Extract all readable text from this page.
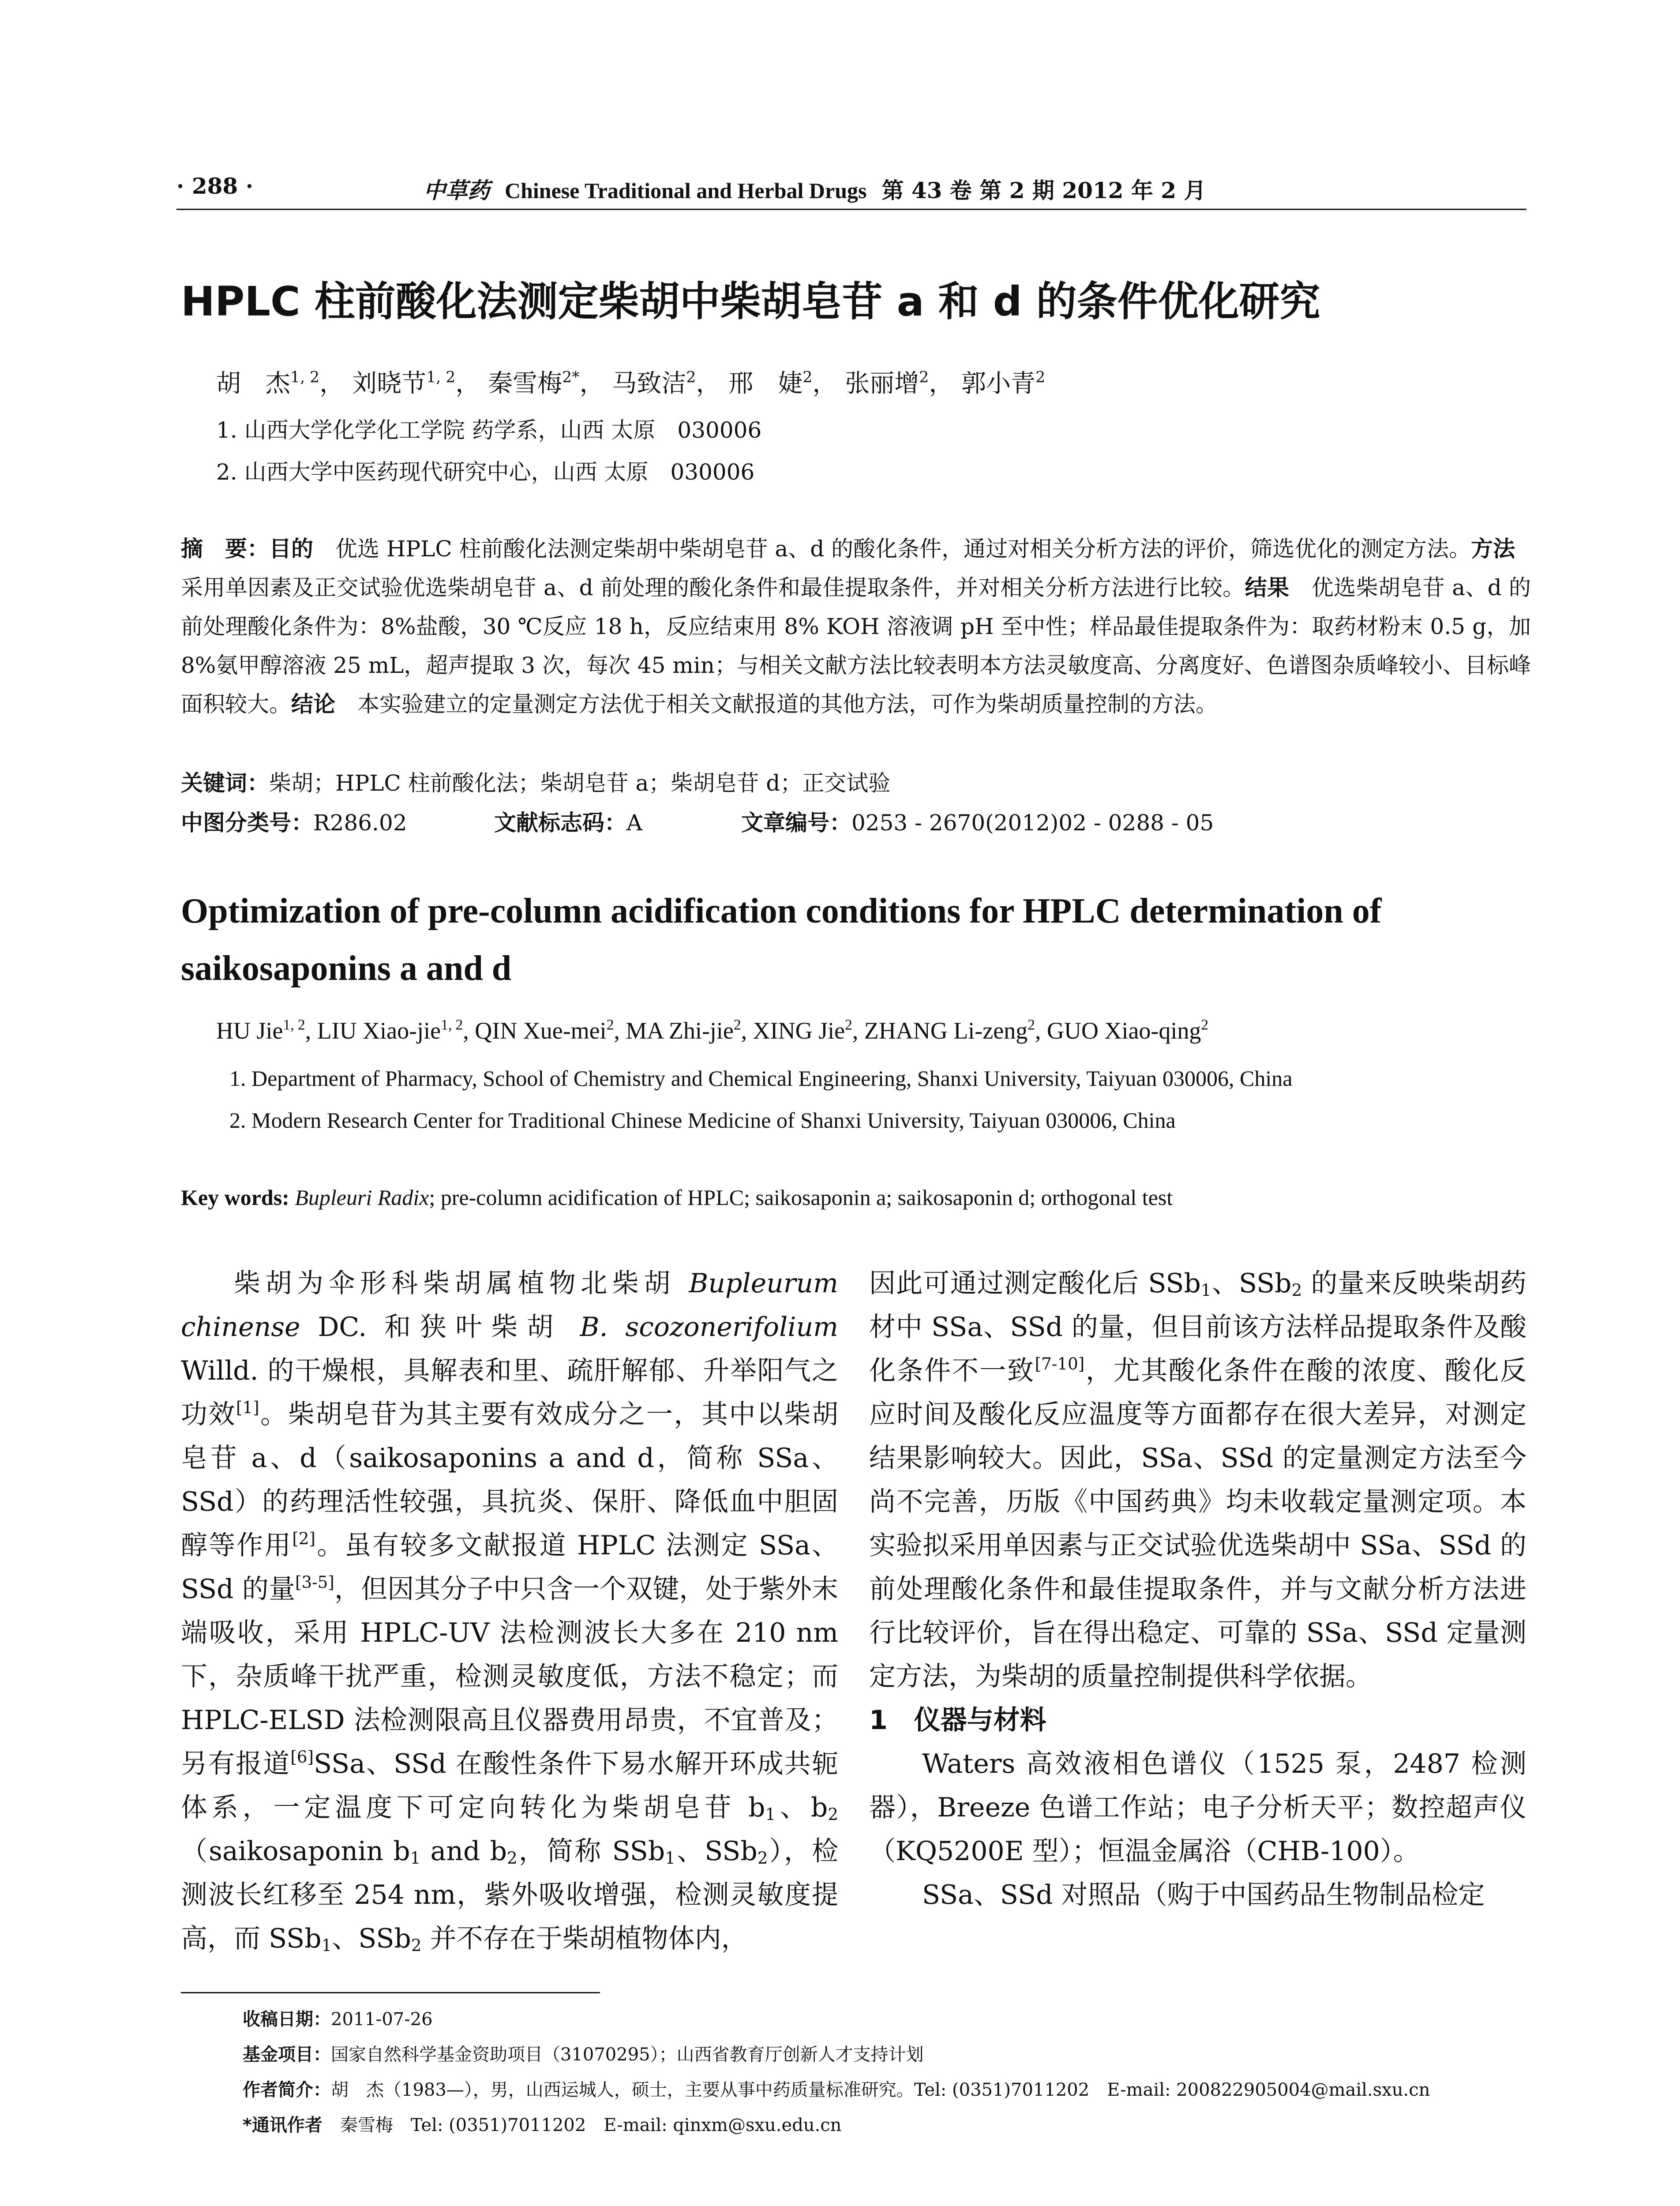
· 288 ·	中草药 Chinese Traditional and Herbal Drugs 第 43 卷 第 2 期 2012 年 2 月
HPLC 柱前酸化法测定柴胡中柴胡皂苷 a 和 d 的条件优化研究
胡　杰$^{1, 2}$， 刘晓节$^{1, 2}$， 秦雪梅$^{2*}$， 马致洁$^2$， 邢　婕$^2$， 张丽增$^2$， 郭小青$^2$
1. 山西大学化学化工学院 药学系，山西 太原　030006
2. 山西大学中医药现代研究中心，山西 太原　030006
摘　要：目的　优选 HPLC 柱前酸化法测定柴胡中柴胡皂苷 a、d 的酸化条件，通过对相关分析方法的评价，筛选优化的测定方法。方法　采用单因素及正交试验优选柴胡皂苷 a、d 前处理的酸化条件和最佳提取条件，并对相关分析方法进行比较。结果　优选柴胡皂苷 a、d 的前处理酸化条件为：8%盐酸，30 ℃反应 18 h，反应结束用 8% KOH 溶液调 pH 至中性；样品最佳提取条件为：取药材粉末 0.5 g，加 8%氨甲醇溶液 25 mL，超声提取 3 次，每次 45 min；与相关文献方法比较表明本方法灵敏度高、分离度好、色谱图杂质峰较小、目标峰面积较大。结论　本实验建立的定量测定方法优于相关文献报道的其他方法，可作为柴胡质量控制的方法。
关键词：柴胡；HPLC 柱前酸化法；柴胡皂苷 a；柴胡皂苷 d；正交试验
中图分类号：R286.02	文献标志码：A	文章编号：0253 - 2670(2012)02 - 0288 - 05
Optimization of pre-column acidification conditions for HPLC determination of saikosaponins a and d
HU Jie$^{1, 2}$, LIU Xiao-jie$^{1, 2}$, QIN Xue-mei$^2$, MA Zhi-jie$^2$, XING Jie$^2$, ZHANG Li-zeng$^2$, GUO Xiao-qing$^2$
1. Department of Pharmacy, School of Chemistry and Chemical Engineering, Shanxi University, Taiyuan 030006, China
2. Modern Research Center for Traditional Chinese Medicine of Shanxi University, Taiyuan 030006, China
Key words: Bupleuri Radix; pre-column acidification of HPLC; saikosaponin a; saikosaponin d; orthogonal test

柴胡为伞形科柴胡属植物北柴胡 Bupleurum chinense DC. 和狭叶柴胡 B. scozonerifolium Willd. 的干燥根，具解表和里、疏肝解郁、升举阳气之功效[1]。柴胡皂苷为其主要有效成分之一，其中以柴胡皂苷 a、d（saikosaponins a and d，简称 SSa、SSd）的药理活性较强，具抗炎、保肝、降低血中胆固醇等作用[2]。虽有较多文献报道 HPLC 法测定 SSa、SSd 的量[3-5]，但因其分子中只含一个双键，处于紫外末端吸收，采用 HPLC-UV 法检测波长大多在 210 nm 下，杂质峰干扰严重，检测灵敏度低，方法不稳定；而 HPLC-ELSD 法检测限高且仪器费用昂贵，不宜普及；另有报道[6]SSa、SSd 在酸性条件下易水解开环成共轭体系，一定温度下可定向转化为柴胡皂苷 $b_1$、$b_2(saikosaponin$ $b_1$ and $b_2$，简称 SSb$_1$、SSb$_2$），检测波长红移至 254 nm，紫外吸收增强，检测灵敏度提高，而 SSb$_1$、SSb$_2$ 并不存在于柴胡植物体内，

因此可通过测定酸化后 SSb$_1$、SSb$_2$ 的量来反映柴胡药材中 SSa、SSd 的量，但目前该方法样品提取条件及酸化条件不一致[7-10]，尤其酸化条件在酸的浓度、酸化反应时间及酸化反应温度等方面都存在很大差异，对测定结果影响较大。因此，SSa、SSd 的定量测定方法至今尚不完善，历版《中国药典》均未收载定量测定项。本实验拟采用单因素与正交试验优选柴胡中 SSa、SSd 的前处理酸化条件和最佳提取条件，并与文献分析方法进行比较评价，旨在得出稳定、可靠的 SSa、SSd 定量测定方法，为柴胡的质量控制提供科学依据。

1　仪器与材料

Waters 高效液相色谱仪（1525 泵，2487 检测器），Breeze 色谱工作站；电子分析天平；数控超声仪（KQ5200E 型）；恒温金属浴（CHB-100）。

SSa、SSd 对照品（购于中国药品生物制品检定

收稿日期：2011-07-26
基金项目：国家自然科学基金资助项目（31070295）；山西省教育厅创新人才支持计划
作者简介：胡　杰（1983—），男，山西运城人，硕士，主要从事中药质量标准研究。Tel: (0351)7011202　E-mail: 200822905004@mail.sxu.cn
*通讯作者　秦雪梅　Tel: (0351)7011202　E-mail: qinxm@sxu.edu.cn
